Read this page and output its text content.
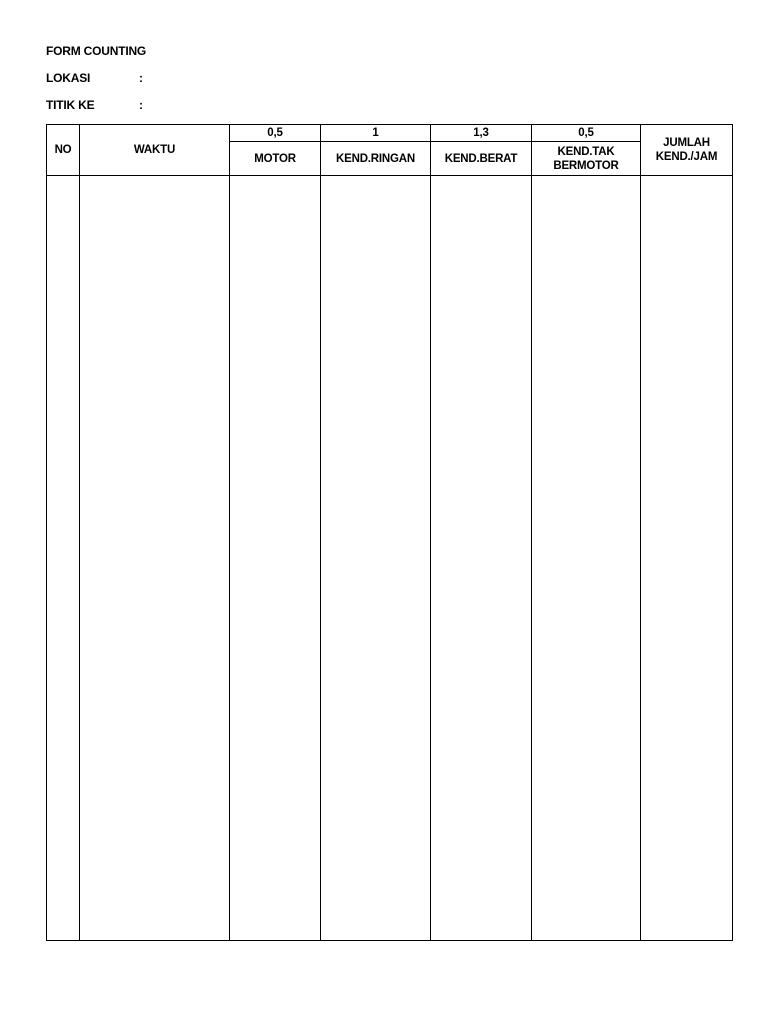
FORM COUNTING
LOKASI	:
TITIK KE	:
NO	WAKTU	0,5	1	1,3	0,5	JUMLAH
KEND./JAM

		MOTOR	KEND.RINGAN	KEND.BERAT	KEND.TAK
BERMOTOR	
